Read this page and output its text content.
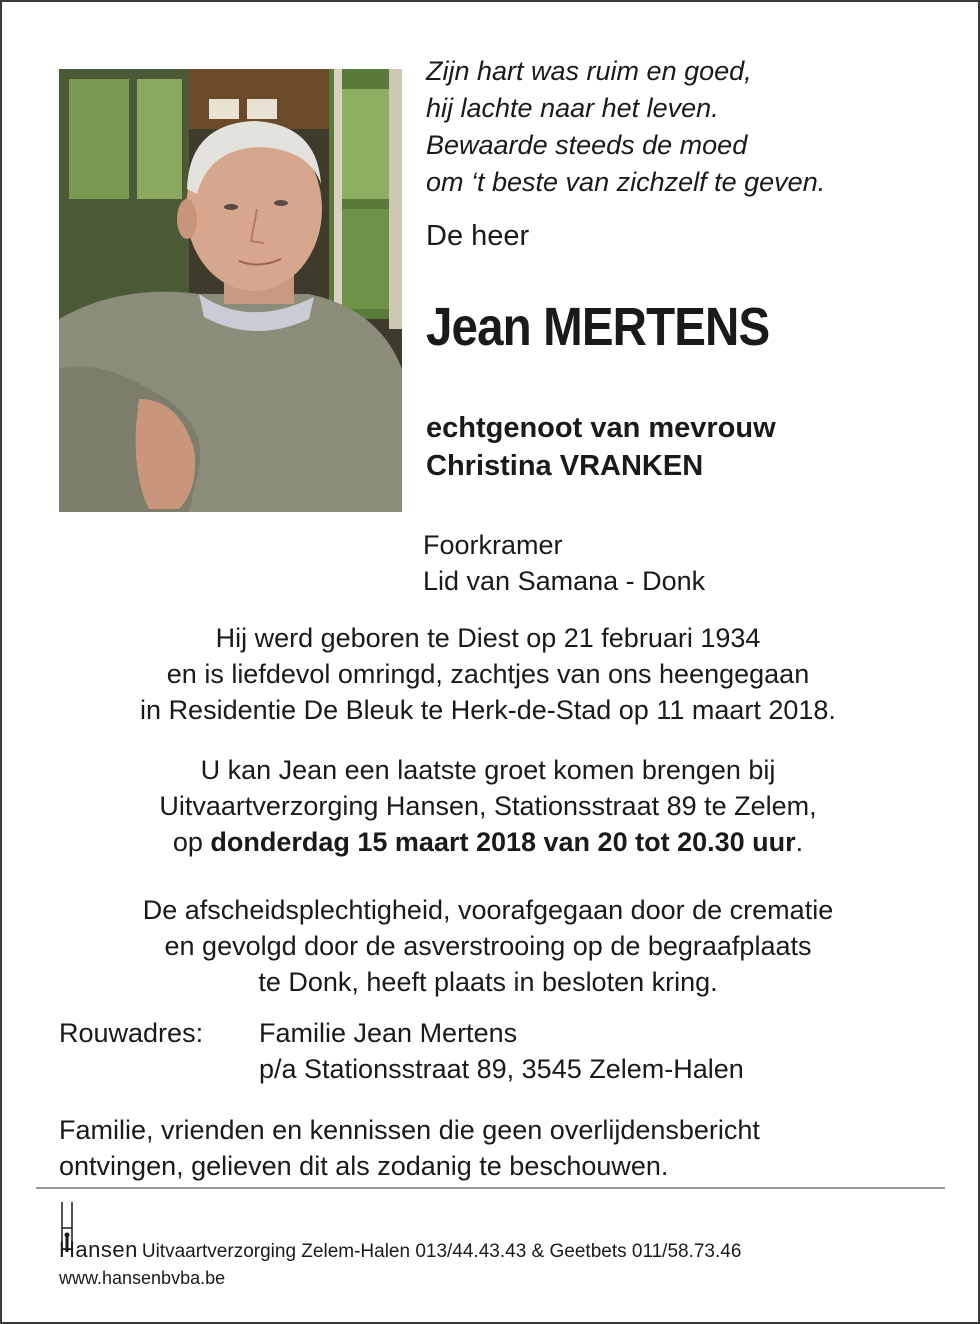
Zijn hart was ruim en goed,
hij lachte naar het leven.
Bewaarde steeds de moed
om ‘t beste van zichzelf te geven.
De heer
Jean MERTENS
echtgenoot van mevrouw
Christina VRANKEN
Foorkramer
Lid van Samana - Donk
Hij werd geboren te Diest op 21 februari 1934
en is liefdevol omringd, zachtjes van ons heengegaan
in Residentie De Bleuk te Herk-de-Stad op 11 maart 2018.
U kan Jean een laatste groet komen brengen bij
Uitvaartverzorging Hansen, Stationsstraat 89 te Zelem,
op donderdag 15 maart 2018 van 20 tot 20.30 uur.
De afscheidsplechtigheid, voorafgegaan door de crematie
en gevolgd door de asverstrooing op de begraafplaats
te Donk, heeft plaats in besloten kring.
Rouwadres: Familie Jean Mertens
p/a Stationsstraat 89, 3545 Zelem-Halen
Familie, vrienden en kennissen die geen overlijdensbericht
ontvingen, gelieven dit als zodanig te beschouwen.
Hansen Uitvaartverzorging Zelem-Halen 013/44.43.43 & Geetbets 011/58.73.46
www.hansenbvba.be
